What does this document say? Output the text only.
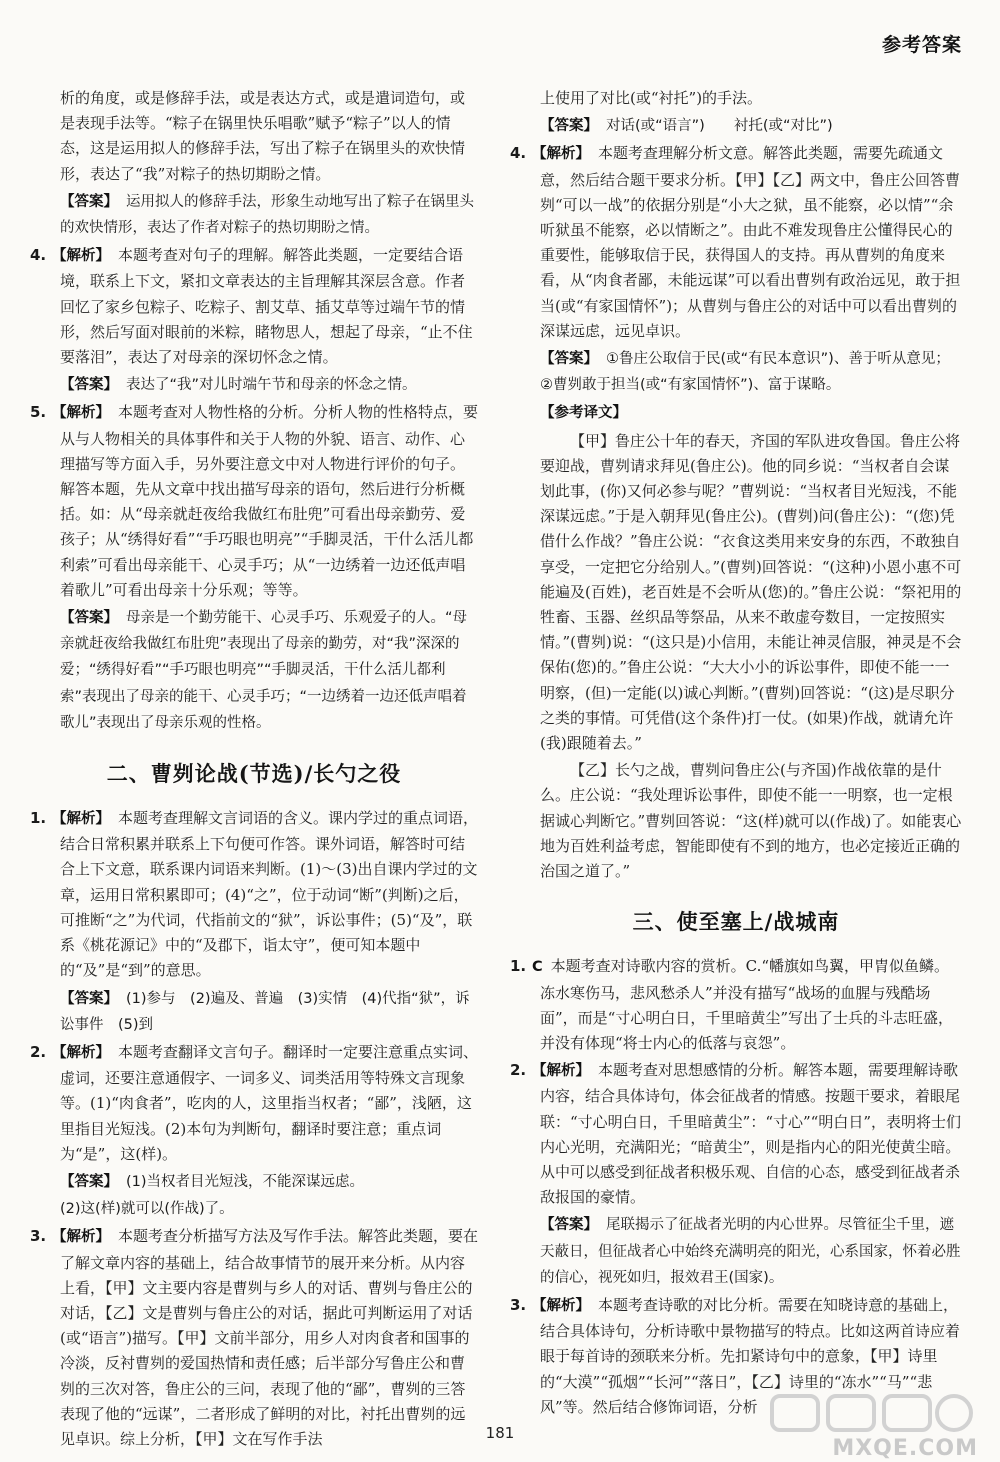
参考答案

析的角度，或是修辞手法，或是表达方式，或是遣词造句，或是表现手法等。“粽子在锅里快乐唱歌”赋予“粽子”以人的情态，这是运用拟人的修辞手法，写出了粽子在锅里头的欢快情形，表达了“我”对粽子的热切期盼之情。

【答案】 运用拟人的修辞手法，形象生动地写出了粽子在锅里头的欢快情形，表达了作者对粽子的热切期盼之情。

4. 【解析】 本题考查对句子的理解。解答此类题，一定要结合语境，联系上下文，紧扣文章表达的主旨理解其深层含意。作者回忆了家乡包粽子、吃粽子、割艾草、插艾草等过端午节的情形，然后写面对眼前的米粽，睹物思人，想起了母亲，“止不住要落泪”，表达了对母亲的深切怀念之情。

【答案】 表达了“我”对儿时端午节和母亲的怀念之情。

5. 【解析】 本题考查对人物性格的分析。分析人物的性格特点，要从与人物相关的具体事件和关于人物的外貌、语言、动作、心理描写等方面入手，另外要注意文中对人物进行评价的句子。解答本题，先从文章中找出描写母亲的语句，然后进行分析概括。如：从“母亲就赶夜给我做红布肚兜”可看出母亲勤劳、爱孩子；从“绣得好看”“手巧眼也明亮”“手脚灵活，干什么活儿都利索”可看出母亲能干、心灵手巧；从“一边绣着一边还低声唱着歌儿”可看出母亲十分乐观；等等。

【答案】 母亲是一个勤劳能干、心灵手巧、乐观爱子的人。“母亲就赶夜给我做红布肚兜”表现出了母亲的勤劳，对“我”深深的爱；“绣得好看”“手巧眼也明亮”“手脚灵活，干什么活儿都利索”表现出了母亲的能干、心灵手巧；“一边绣着一边还低声唱着歌儿”表现出了母亲乐观的性格。

二、曹刿论战(节选)/长勺之役

1. 【解析】 本题考查理解文言词语的含义。课内学过的重点词语，结合日常积累并联系上下句便可作答。课外词语，解答时可结合上下文意，联系课内词语来判断。(1)～(3)出自课内学过的文章，运用日常积累即可；(4)“之”，位于动词“断”(判断)之后，可推断“之”为代词，代指前文的“狱”，诉讼事件；(5)“及”，联系《桃花源记》中的“及郡下，诣太守”，便可知本题中的“及”是“到”的意思。

【答案】 (1)参与　(2)遍及、普遍　(3)实情　(4)代指“狱”，诉讼事件　(5)到

2. 【解析】 本题考查翻译文言句子。翻译时一定要注意重点实词、虚词，还要注意通假字、一词多义、词类活用等特殊文言现象等。(1)“肉食者”，吃肉的人，这里指当权者；“鄙”，浅陋，这里指目光短浅。(2)本句为判断句，翻译时要注意；重点词为“是”，这(样)。

【答案】 (1)当权者目光短浅，不能深谋远虑。

(2)这(样)就可以(作战)了。

3. 【解析】 本题考查分析描写方法及写作手法。解答此类题，要在了解文章内容的基础上，结合故事情节的展开来分析。从内容上看，【甲】文主要内容是曹刿与乡人的对话、曹刿与鲁庄公的对话，【乙】文是曹刿与鲁庄公的对话，据此可判断运用了对话(或“语言”)描写。【甲】文前半部分，用乡人对肉食者和国事的冷淡，反衬曹刿的爱国热情和责任感；后半部分写鲁庄公和曹刿的三次对答，鲁庄公的三问，表现了他的“鄙”，曹刿的三答表现了他的“远谋”，二者形成了鲜明的对比，衬托出曹刿的远见卓识。综上分析，【甲】文在写作手法

上使用了对比(或“衬托”)的手法。

【答案】 对话(或“语言”)　　衬托(或“对比”)

4. 【解析】 本题考查理解分析文意。解答此类题，需要先疏通文意，然后结合题干要求分析。【甲】【乙】两文中，鲁庄公回答曹刿“可以一战”的依据分别是“小大之狱，虽不能察，必以情”“余听狱虽不能察，必以情断之”。由此不难发现鲁庄公懂得民心的重要性，能够取信于民，获得国人的支持。再从曹刿的角度来看，从“肉食者鄙，未能远谋”可以看出曹刿有政治远见，敢于担当(或“有家国情怀”)；从曹刿与鲁庄公的对话中可以看出曹刿的深谋远虑，远见卓识。

【答案】 ①鲁庄公取信于民(或“有民本意识”)、善于听从意见；②曹刿敢于担当(或“有家国情怀”)、富于谋略。

【参考译文】

【甲】鲁庄公十年的春天，齐国的军队进攻鲁国。鲁庄公将要迎战，曹刿请求拜见(鲁庄公)。他的同乡说：“当权者自会谋划此事，(你)又何必参与呢？”曹刿说：“当权者目光短浅，不能深谋远虑。”于是入朝拜见(鲁庄公)。(曹刿)问(鲁庄公)：“(您)凭借什么作战？”鲁庄公说：“衣食这类用来安身的东西，不敢独自享受，一定把它分给别人。”(曹刿)回答说：“(这种)小恩小惠不可能遍及(百姓)，老百姓是不会听从(您)的。”鲁庄公说：“祭祀用的牲畜、玉器、丝织品等祭品，从来不敢虚夸数目，一定按照实情。”(曹刿)说：“(这只是)小信用，未能让神灵信服，神灵是不会保佑(您)的。”鲁庄公说：“大大小小的诉讼事件，即使不能一一明察，(但)一定能(以)诚心判断。”(曹刿)回答说：“(这)是尽职分之类的事情。可凭借(这个条件)打一仗。(如果)作战，就请允许(我)跟随着去。”

【乙】长勺之战，曹刿问鲁庄公(与齐国)作战依靠的是什么。庄公说：“我处理诉讼事件，即使不能一一明察，也一定根据诚心判断它。”曹刿回答说：“这(样)就可以(作战)了。如能衷心地为百姓利益考虑，智能即使有不到的地方，也必定接近正确的治国之道了。”

三、使至塞上/战城南

1. C 本题考查对诗歌内容的赏析。C.“幡旗如鸟翼，甲胄似鱼鳞。冻水寒伤马，悲风愁杀人”并没有描写“战场的血腥与残酷场面”，而是“寸心明白日，千里暗黄尘”写出了士兵的斗志旺盛，并没有体现“将士内心的低落与哀怨”。

2. 【解析】 本题考查对思想感情的分析。解答本题，需要理解诗歌内容，结合具体诗句，体会征战者的情感。按题干要求，着眼尾联：“寸心明白日，千里暗黄尘”：“寸心”“明白日”，表明将士们内心光明，充满阳光；“暗黄尘”，则是指内心的阳光使黄尘暗。从中可以感受到征战者积极乐观、自信的心态，感受到征战者杀敌报国的豪情。

【答案】 尾联揭示了征战者光明的内心世界。尽管征尘千里，遮天蔽日，但征战者心中始终充满明亮的阳光，心系国家，怀着必胜的信心，视死如归，报效君王(国家)。

3. 【解析】 本题考查诗歌的对比分析。需要在知晓诗意的基础上，结合具体诗句，分析诗歌中景物描写的特点。比如这两首诗应着眼于每首诗的颈联来分析。先扣紧诗句中的意象，【甲】诗里的“大漠”“孤烟”“长河”“落日”，【乙】诗里的“冻水”“马”“悲风”等。然后结合修饰词语，分析

181
MXQE.COM
